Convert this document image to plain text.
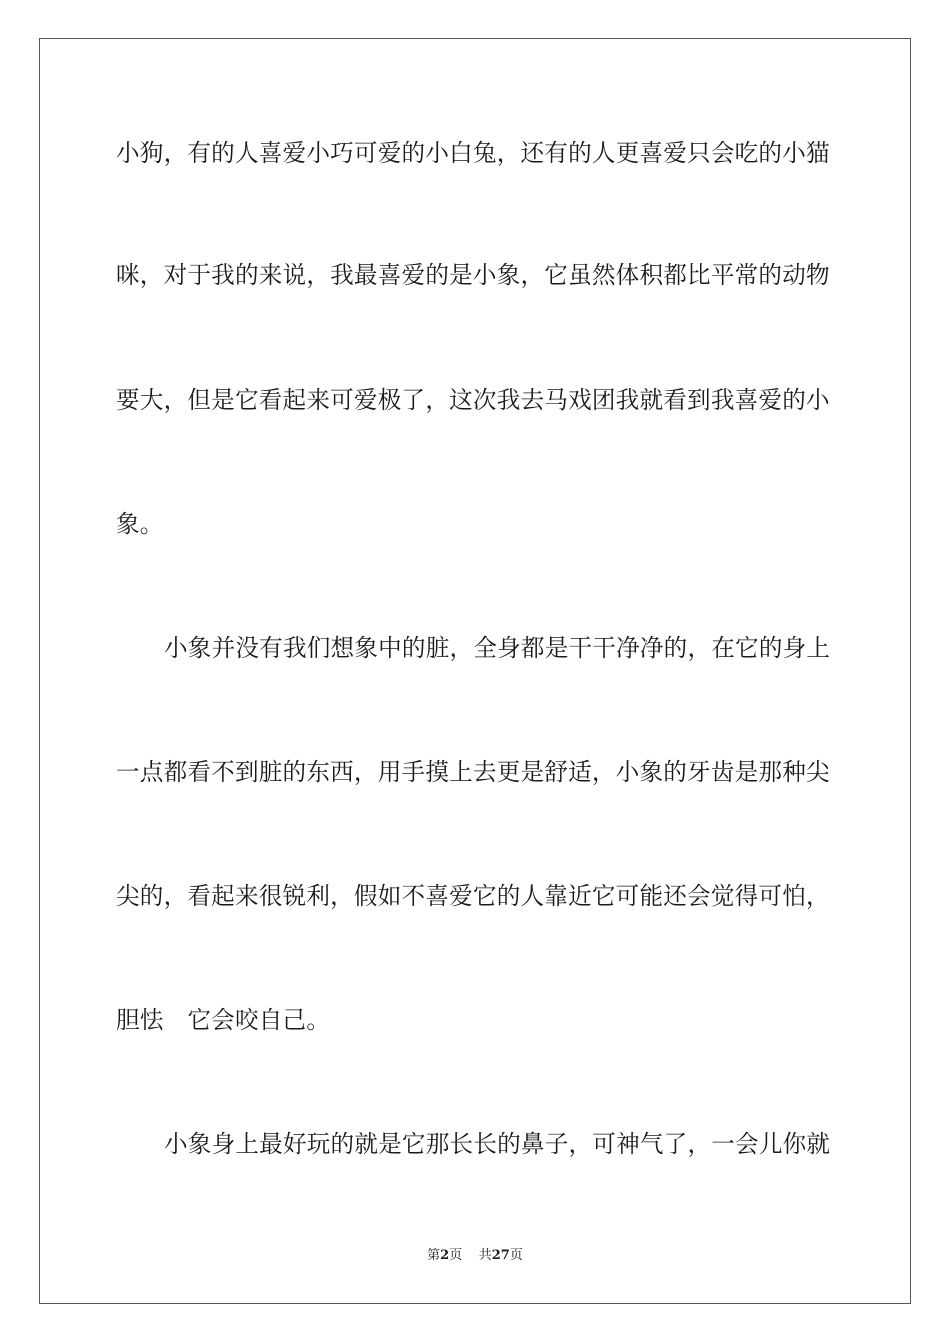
小狗，有的人喜爱小巧可爱的小白兔，还有的人更喜爱只会吃的小猫
咪，对于我的来说，我最喜爱的是小象，它虽然体积都比平常的动物
要大，但是它看起来可爱极了，这次我去马戏团我就看到我喜爱的小
象。
小象并没有我们想象中的脏，全身都是干干净净的，在它的身上
一点都看不到脏的东西，用手摸上去更是舒适，小象的牙齿是那种尖
尖的，看起来很锐利，假如不喜爱它的人靠近它可能还会觉得可怕，
胆怯　它会咬自己。
小象身上最好玩的就是它那长长的鼻子，可神气了，一会儿你就
第2页 共27页
